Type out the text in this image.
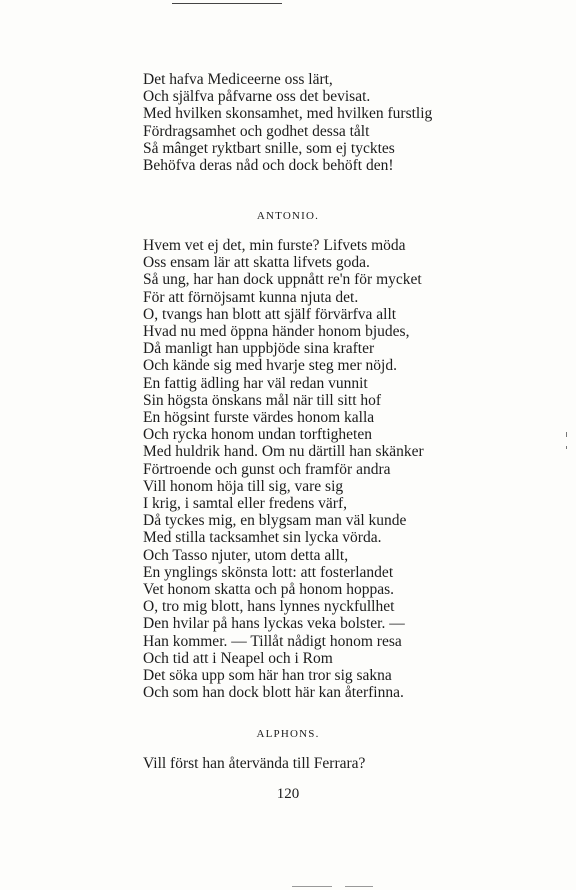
Det hafva Mediceerne oss lärt,
Och själfva påfvarne oss det bevisat.
Med hvilken skonsamhet, med hvilken furstlig
Fördragsamhet och godhet dessa tålt
Så mânget ryktbart snille, som ej tycktes
Behöfva deras nåd och dock behöft den!
ANTONIO.
Hvem vet ej det, min furste? Lifvets möda
Oss ensam lär att skatta lifvets goda.
Så ung, har han dock uppnått re'n för mycket
För att förnöjsamt kunna njuta det.
O, tvangs han blott att själf förvärfva allt
Hvad nu med öppna händer honom bjudes,
Då manligt han uppbjöde sina krafter
Och kände sig med hvarje steg mer nöjd.
En fattig ädling har väl redan vunnit
Sin högsta önskans mål när till sitt hof
En högsint furste värdes honom kalla
Och rycka honom undan torftigheten
Med huldrik hand. Om nu därtill han skänker
Förtroende och gunst och framför andra
Vill honom höja till sig, vare sig
I krig, i samtal eller fredens värf,
Då tyckes mig, en blygsam man väl kunde
Med stilla tacksamhet sin lycka vörda.
Och Tasso njuter, utom detta allt,
En ynglings skönsta lott: att fosterlandet
Vet honom skatta och på honom hoppas.
O, tro mig blott, hans lynnes nyckfullhet
Den hvilar på hans lyckas veka bolster. —
Han kommer. — Tillåt nådigt honom resa
Och tid att i Neapel och i Rom
Det söka upp som här han tror sig sakna
Och som han dock blott här kan återfinna.
ALPHONS.
Vill först han återvända till Ferrara?
120
